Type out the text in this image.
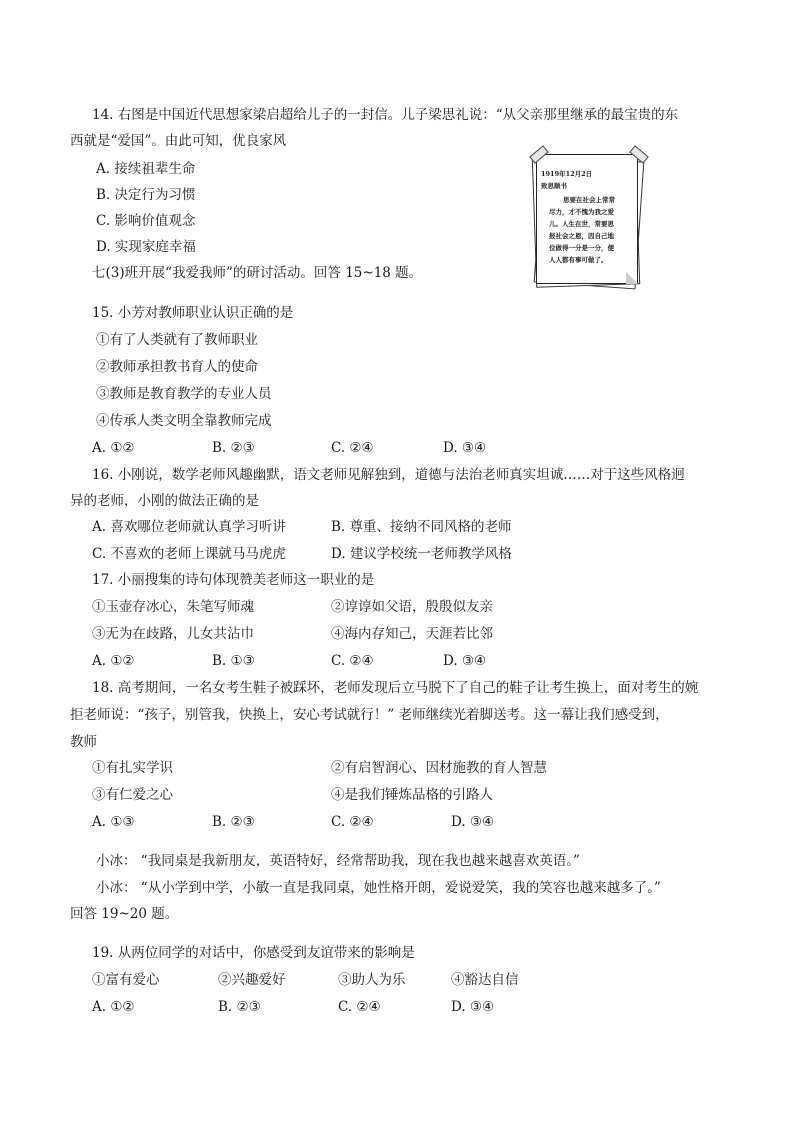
14. 右图是中国近代思想家梁启超给儿子的一封信。儿子梁思礼说：“从父亲那里继承的最宝贵的东
西就是“爱国”。由此可知，优良家风
A. 接续祖辈生命
B. 决定行为习惯
C. 影响价值观念
D. 实现家庭幸福
1919年12月2日
致思顺书
思要在社会上常常
尽力，才不愧为我之爱
儿。人生在世，常要思
报社会之恩，因自己地
位做得一分是一分，便
人人都有事可做了。
七(3)班开展“我爱我师”的研讨活动。回答 15~18 题。
15. 小芳对教师职业认识正确的是
①有了人类就有了教师职业
②教师承担教书育人的使命
③教师是教育教学的专业人员
④传承人类文明全靠教师完成
A. ①②	B. ②③	C. ②④	D. ③④
16. 小刚说，数学老师风趣幽默，语文老师见解独到，道德与法治老师真实坦诚……对于这些风格迥
异的老师，小刚的做法正确的是
A. 喜欢哪位老师就认真学习听讲	B. 尊重、接纳不同风格的老师
C. 不喜欢的老师上课就马马虎虎	D. 建议学校统一老师教学风格
17. 小丽搜集的诗句体现赞美老师这一职业的是
①玉壶存冰心，朱笔写师魂	②谆谆如父语，殷殷似友亲
③无为在歧路，儿女共沾巾	④海内存知己，天涯若比邻
A. ①②	B. ①③	C. ②④	D. ③④
18. 高考期间，一名女考生鞋子被踩坏，老师发现后立马脱下了自己的鞋子让考生换上，面对考生的婉
拒老师说：“孩子，别管我，快换上，安心考试就行！” 老师继续光着脚送考。这一幕让我们感受到，
教师
①有扎实学识	②有启智润心、因材施教的育人智慧
③有仁爱之心	④是我们锤炼品格的引路人
A. ①③	B. ②③	C. ②④	D. ③④
小冰： “我同桌是我新朋友，英语特好，经常帮助我，现在我也越来越喜欢英语。”
小冰： “从小学到中学，小敏一直是我同桌，她性格开朗，爱说爱笑，我的笑容也越来越多了。”
回答 19~20 题。
19. 从两位同学的对话中，你感受到友谊带来的影响是
①富有爱心	②兴趣爱好	③助人为乐	④豁达自信
A. ①②	B. ②③	C. ②④	D. ③④
